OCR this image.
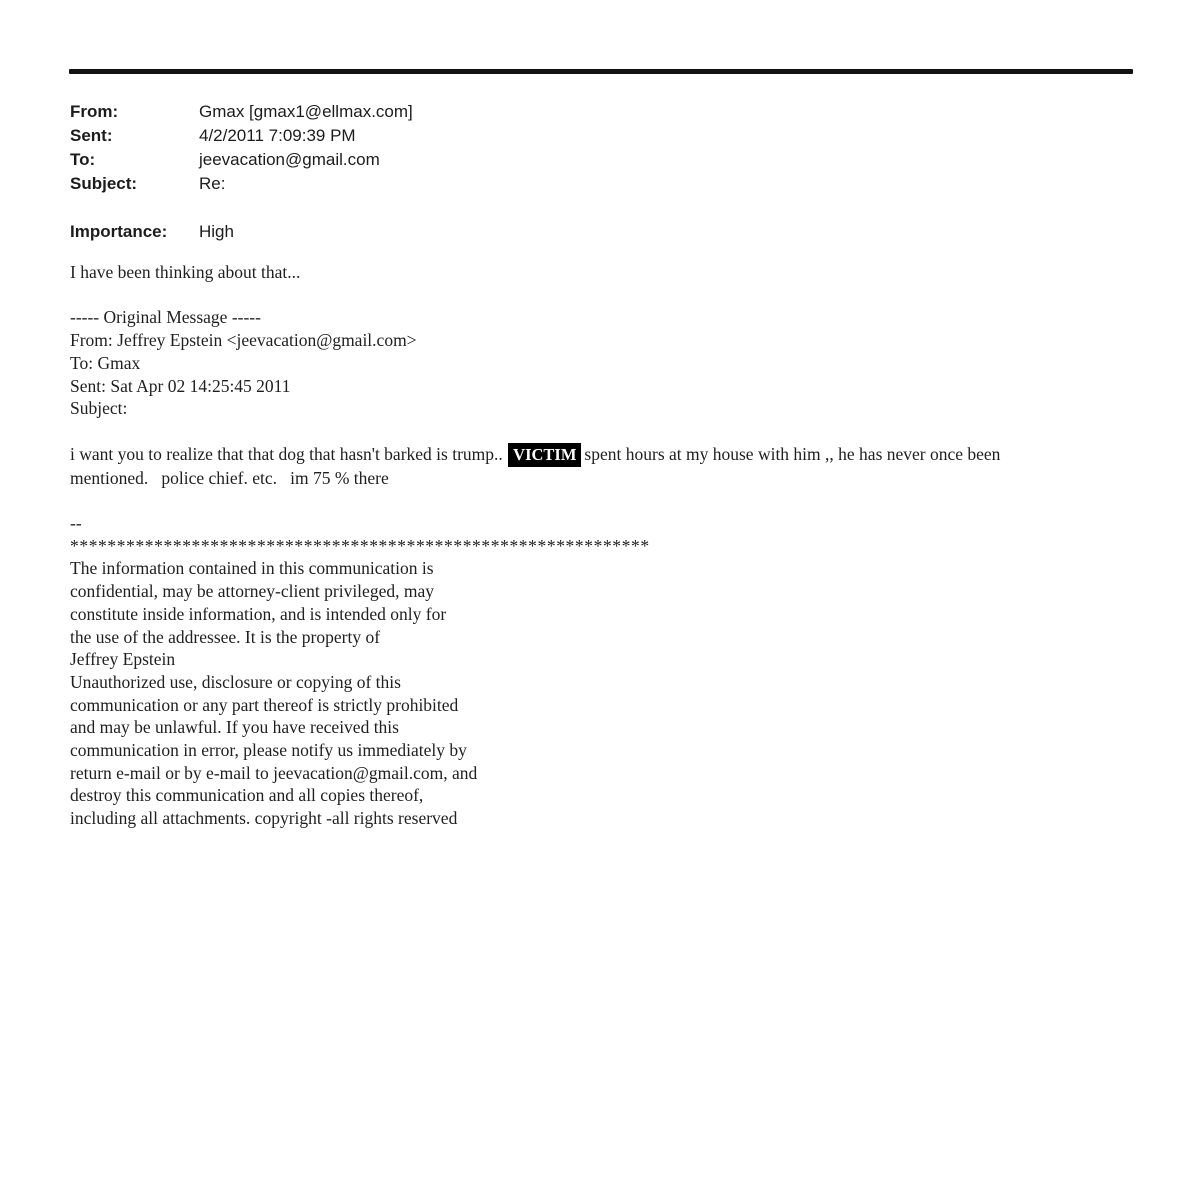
From:	Gmax [gmax1@ellmax.com]
Sent:	4/2/2011 7:09:39 PM
To:	jeevacation@gmail.com
Subject:	Re:
Importance:	High
I have been thinking about that...
----- Original Message -----
From: Jeffrey Epstein <jeevacation@gmail.com>
To: Gmax
Sent: Sat Apr 02 14:25:45 2011
Subject:
i want you to realize that that dog that hasn't barked is trump.. VICTIM spent hours at my house with him ,, he has never once been
mentioned.   police chief. etc.   im 75 % there
--
**************************************************************
The information contained in this communication is
confidential, may be attorney-client privileged, may
constitute inside information, and is intended only for
the use of the addressee. It is the property of
Jeffrey Epstein
Unauthorized use, disclosure or copying of this
communication or any part thereof is strictly prohibited
and may be unlawful. If you have received this
communication in error, please notify us immediately by
return e-mail or by e-mail to jeevacation@gmail.com, and
destroy this communication and all copies thereof,
including all attachments. copyright -all rights reserved
